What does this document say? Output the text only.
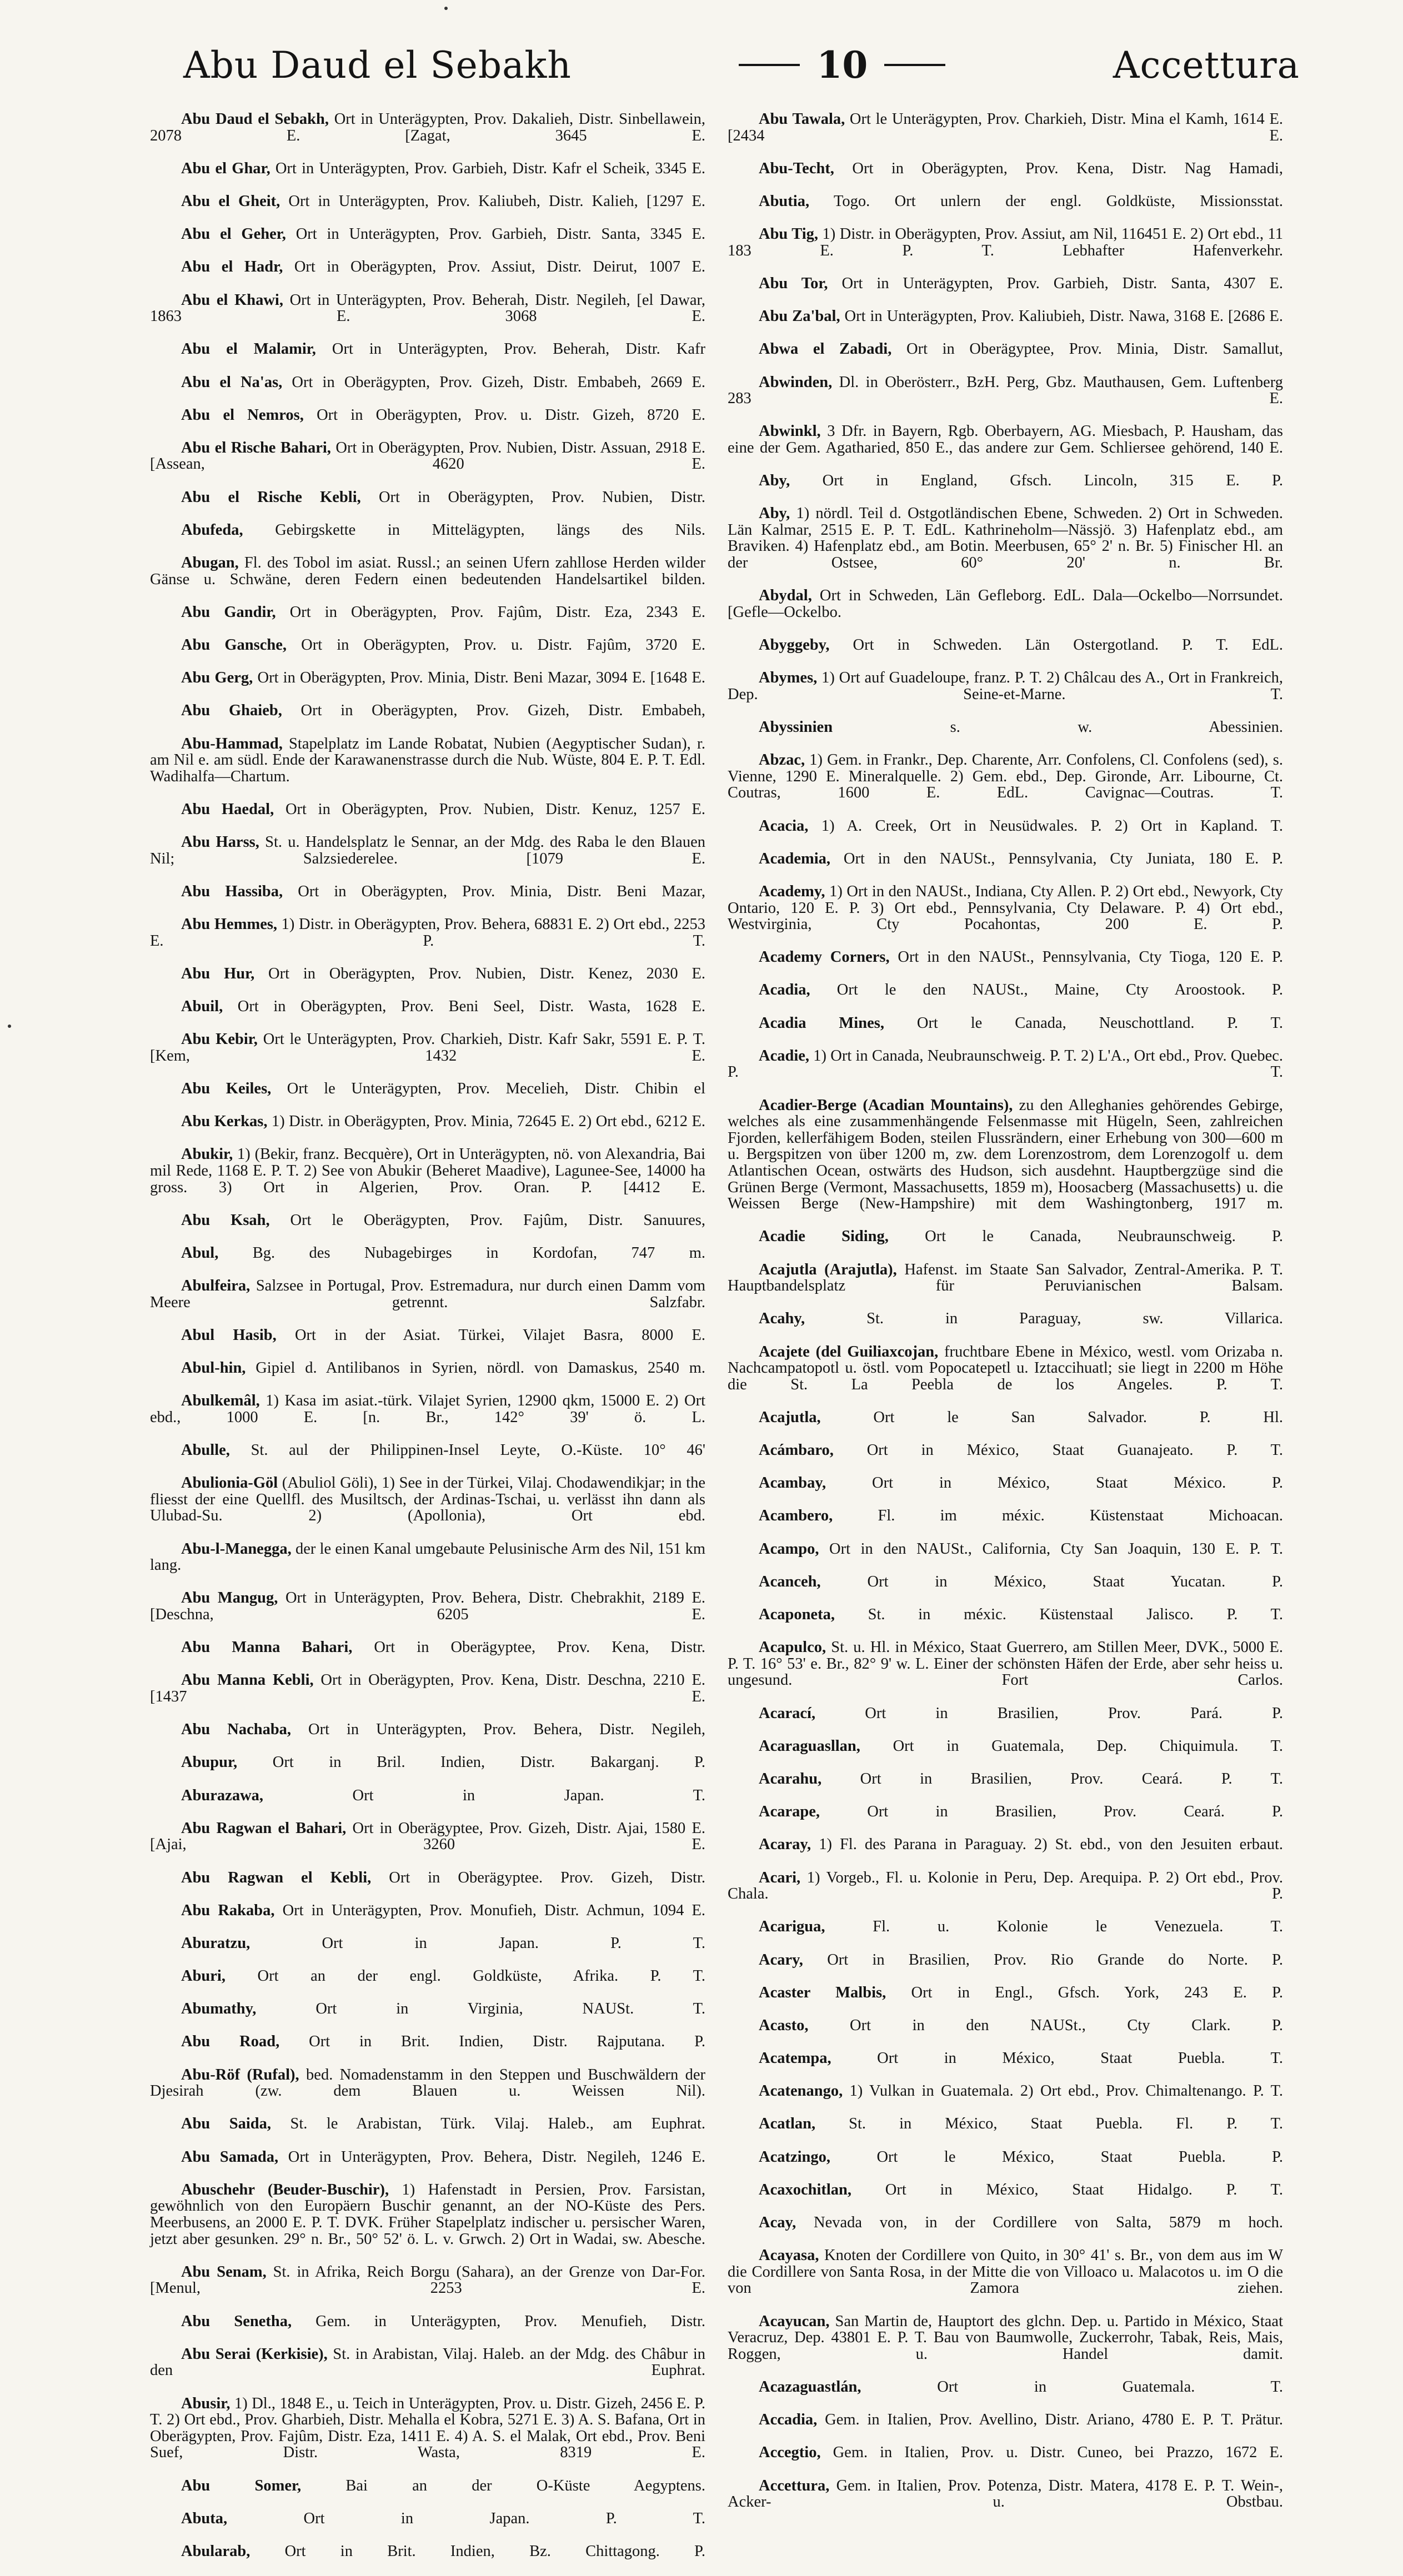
Abu Daud el Sebakh	10	Accettura
Abu Daud el Sebakh, Ort in Unterägypten, Prov. Dakalieh, Distr. Sinbellawein, 2078 E. [Zagat, 3645 E.
Abu el Ghar, Ort in Unterägypten, Prov. Garbieh, Distr. Kafr el Scheik, 3345 E.
Abu el Gheit, Ort in Unterägypten, Prov. Kaliubeh, Distr. Kalieh, [1297 E.
Abu el Geher, Ort in Unterägypten, Prov. Garbieh, Distr. Santa, 3345 E.
Abu el Hadr, Ort in Oberägypten, Prov. Assiut, Distr. Deirut, 1007 E.
Abu el Khawi, Ort in Unterägypten, Prov. Beherah, Distr. Negileh, [el Dawar, 1863 E. 3068 E.
Abu el Malamir, Ort in Unterägypten, Prov. Beherah, Distr. Kafr
Abu el Na'as, Ort in Oberägypten, Prov. Gizeh, Distr. Embabeh, 2669 E.
Abu el Nemros, Ort in Oberägypten, Prov. u. Distr. Gizeh, 8720 E.
Abu el Rische Bahari, Ort in Oberägypten, Prov. Nubien, Distr. Assuan, 2918 E. [Assean, 4620 E.
Abu el Rische Kebli, Ort in Oberägypten, Prov. Nubien, Distr.
Abufeda, Gebirgskette in Mittelägypten, längs des Nils.
Abugan, Fl. des Tobol im asiat. Russl.; an seinen Ufern zahllose Herden wilder Gänse u. Schwäne, deren Federn einen bedeutenden Handelsartikel bilden.
Abu Gandir, Ort in Oberägypten, Prov. Fajûm, Distr. Eza, 2343 E.
Abu Gansche, Ort in Oberägypten, Prov. u. Distr. Fajûm, 3720 E.
Abu Gerg, Ort in Oberägypten, Prov. Minia, Distr. Beni Mazar, 3094 E. [1648 E.
Abu Ghaieb, Ort in Oberägypten, Prov. Gizeh, Distr. Embabeh,
Abu-Hammad, Stapelplatz im Lande Robatat, Nubien (Aegyptischer Sudan), r. am Nil e. am südl. Ende der Karawanenstrasse durch die Nub. Wüste, 804 E. P. T. Edl. Wadihalfa—Chartum.
Abu Haedal, Ort in Oberägypten, Prov. Nubien, Distr. Kenuz, 1257 E.
Abu Harss, St. u. Handelsplatz le Sennar, an der Mdg. des Raba le den Blauen Nil; Salzsiederelee. [1079 E.
Abu Hassiba, Ort in Oberägypten, Prov. Minia, Distr. Beni Mazar,
Abu Hemmes, 1) Distr. in Oberägypten, Prov. Behera, 68831 E. 2) Ort ebd., 2253 E. P. T.
Abu Hur, Ort in Oberägypten, Prov. Nubien, Distr. Kenez, 2030 E.
Abuil, Ort in Oberägypten, Prov. Beni Seel, Distr. Wasta, 1628 E.
Abu Kebir, Ort le Unterägypten, Prov. Charkieh, Distr. Kafr Sakr, 5591 E. P. T. [Kem, 1432 E.
Abu Keiles, Ort le Unterägypten, Prov. Mecelieh, Distr. Chibin el
Abu Kerkas, 1) Distr. in Oberägypten, Prov. Minia, 72645 E. 2) Ort ebd., 6212 E.
Abukir, 1) (Bekir, franz. Becquère), Ort in Unterägypten, nö. von Alexandria, Bai mil Rede, 1168 E. P. T. 2) See von Abukir (Beheret Maadive), Lagunee-See, 14000 ha gross. 3) Ort in Algerien, Prov. Oran. P. [4412 E.
Abu Ksah, Ort le Oberägypten, Prov. Fajûm, Distr. Sanuures,
Abul, Bg. des Nubagebirges in Kordofan, 747 m.
Abulfeira, Salzsee in Portugal, Prov. Estremadura, nur durch einen Damm vom Meere getrennt. Salzfabr.
Abul Hasib, Ort in der Asiat. Türkei, Vilajet Basra, 8000 E.
Abul-hin, Gipiel d. Antilibanos in Syrien, nördl. von Damaskus, 2540 m.
Abulkemâl, 1) Kasa im asiat.-türk. Vilajet Syrien, 12900 qkm, 15000 E. 2) Ort ebd., 1000 E. [n. Br., 142° 39' ö. L.
Abulle, St. aul der Philippinen-Insel Leyte, O.-Küste. 10° 46'
Abulionia-Göl (Abuliol Göli), 1) See in der Türkei, Vilaj. Chodawendikjar; in the fliesst der eine Quellfl. des Musiltsch, der Ardinas-Tschai, u. verlässt ihn dann als Ulubad-Su. 2) (Apollonia), Ort ebd.
Abu-l-Manegga, der le einen Kanal umgebaute Pelusinische Arm des Nil, 151 km lang.
Abu Mangug, Ort in Unterägypten, Prov. Behera, Distr. Chebrakhit, 2189 E. [Deschna, 6205 E.
Abu Manna Bahari, Ort in Oberägyptee, Prov. Kena, Distr.
Abu Manna Kebli, Ort in Oberägypten, Prov. Kena, Distr. Deschna, 2210 E. [1437 E.
Abu Nachaba, Ort in Unterägypten, Prov. Behera, Distr. Negileh,
Abupur, Ort in Bril. Indien, Distr. Bakarganj. P.
Aburazawa, Ort in Japan. T.
Abu Ragwan el Bahari, Ort in Oberägyptee, Prov. Gizeh, Distr. Ajai, 1580 E. [Ajai, 3260 E.
Abu Ragwan el Kebli, Ort in Oberägyptee. Prov. Gizeh, Distr.
Abu Rakaba, Ort in Unterägypten, Prov. Monufieh, Distr. Achmun, 1094 E.
Aburatzu, Ort in Japan. P. T.
Aburi, Ort an der engl. Goldküste, Afrika. P. T.
Abumathy, Ort in Virginia, NAUSt. T.
Abu Road, Ort in Brit. Indien, Distr. Rajputana. P.
Abu-Röf (Rufal), bed. Nomadenstamm in den Steppen und Buschwäldern der Djesirah (zw. dem Blauen u. Weissen Nil).
Abu Saida, St. le Arabistan, Türk. Vilaj. Haleb., am Euphrat.
Abu Samada, Ort in Unterägypten, Prov. Behera, Distr. Negileh, 1246 E.
Abuschehr (Beuder-Buschir), 1) Hafenstadt in Persien, Prov. Farsistan, gewöhnlich von den Europäern Buschir genannt, an der NO-Küste des Pers. Meerbusens, an 2000 E. P. T. DVK. Früher Stapelplatz indischer u. persischer Waren, jetzt aber gesunken. 29° n. Br., 50° 52' ö. L. v. Grwch. 2) Ort in Wadai, sw. Abesche.
Abu Senam, St. in Afrika, Reich Borgu (Sahara), an der Grenze von Dar-For. [Menul, 2253 E.
Abu Senetha, Gem. in Unterägypten, Prov. Menufieh, Distr.
Abu Serai (Kerkisie), St. in Arabistan, Vilaj. Haleb. an der Mdg. des Châbur in den Euphrat.
Abusir, 1) Dl., 1848 E., u. Teich in Unterägypten, Prov. u. Distr. Gizeh, 2456 E. P. T. 2) Ort ebd., Prov. Gharbieh, Distr. Mehalla el Kobra, 5271 E. 3) A. S. Bafana, Ort in Oberägypten, Prov. Fajûm, Distr. Eza, 1411 E. 4) A. S. el Malak, Ort ebd., Prov. Beni Suef, Distr. Wasta, 8319 E.
Abu Somer, Bai an der O-Küste Aegyptens.
Abuta, Ort in Japan. P. T.
Abularab, Ort in Brit. Indien, Bz. Chittagong. P.
Abu Tawala, Ort le Unterägypten, Prov. Charkieh, Distr. Mina el Kamh, 1614 E. [2434 E.
Abu-Techt, Ort in Oberägypten, Prov. Kena, Distr. Nag Hamadi,
Abutia, Togo. Ort unlern der engl. Goldküste, Missionsstat.
Abu Tig, 1) Distr. in Oberägypten, Prov. Assiut, am Nil, 116451 E. 2) Ort ebd., 11 183 E. P. T. Lebhafter Hafenverkehr.
Abu Tor, Ort in Unterägypten, Prov. Garbieh, Distr. Santa, 4307 E.
Abu Za'bal, Ort in Unterägypten, Prov. Kaliubieh, Distr. Nawa, 3168 E. [2686 E.
Abwa el Zabadi, Ort in Oberägyptee, Prov. Minia, Distr. Samallut,
Abwinden, Dl. in Oberösterr., BzH. Perg, Gbz. Mauthausen, Gem. Luftenberg 283 E.
Abwinkl, 3 Dfr. in Bayern, Rgb. Oberbayern, AG. Miesbach, P. Hausham, das eine der Gem. Agatharied, 850 E., das andere zur Gem. Schliersee gehörend, 140 E.
Aby, Ort in England, Gfsch. Lincoln, 315 E. P.
Aby, 1) nördl. Teil d. Ostgotländischen Ebene, Schweden. 2) Ort in Schweden. Län Kalmar, 2515 E. P. T. EdL. Kathrineholm—Nässjö. 3) Hafenplatz ebd., am Braviken. 4) Hafenplatz ebd., am Botin. Meerbusen, 65° 2' n. Br. 5) Finischer Hl. an der Ostsee, 60° 20' n. Br.
Abydal, Ort in Schweden, Län Gefleborg. EdL. Dala—Ockelbo—Norrsundet. [Gefle—Ockelbo.
Abyggeby, Ort in Schweden. Län Ostergotland. P. T. EdL.
Abymes, 1) Ort auf Guadeloupe, franz. P. T. 2) Châlcau des A., Ort in Frankreich, Dep. Seine-et-Marne. T.
Abyssinien s. w. Abessinien.
Abzac, 1) Gem. in Frankr., Dep. Charente, Arr. Confolens, Cl. Confolens (sed), s. Vienne, 1290 E. Mineralquelle. 2) Gem. ebd., Dep. Gironde, Arr. Libourne, Ct. Coutras, 1600 E. EdL. Cavignac—Coutras. T.
Acacia, 1) A. Creek, Ort in Neusüdwales. P. 2) Ort in Kapland. T.
Academia, Ort in den NAUSt., Pennsylvania, Cty Juniata, 180 E. P.
Academy, 1) Ort in den NAUSt., Indiana, Cty Allen. P. 2) Ort ebd., Newyork, Cty Ontario, 120 E. P. 3) Ort ebd., Pennsylvania, Cty Delaware. P. 4) Ort ebd., Westvirginia, Cty Pocahontas, 200 E. P.
Academy Corners, Ort in den NAUSt., Pennsylvania, Cty Tioga, 120 E. P.
Acadia, Ort le den NAUSt., Maine, Cty Aroostook. P.
Acadia Mines, Ort le Canada, Neuschottland. P. T.
Acadie, 1) Ort in Canada, Neubraunschweig. P. T. 2) L'A., Ort ebd., Prov. Quebec. P. T.
Acadier-Berge (Acadian Mountains), zu den Alleghanies gehörendes Gebirge, welches als eine zusammenhängende Felsenmasse mit Hügeln, Seen, zahlreichen Fjorden, kellerfähigem Boden, steilen Flussrändern, einer Erhebung von 300—600 m u. Bergspitzen von über 1200 m, zw. dem Lorenzostrom, dem Lorenzogolf u. dem Atlantischen Ocean, ostwärts des Hudson, sich ausdehnt. Hauptbergzüge sind die Grünen Berge (Vermont, Massachusetts, 1859 m), Hoosacberg (Massachusetts) u. die Weissen Berge (New-Hampshire) mit dem Washingtonberg, 1917 m.
Acadie Siding, Ort le Canada, Neubraunschweig. P.
Acajutla (Arajutla), Hafenst. im Staate San Salvador, Zentral-Amerika. P. T. Hauptbandelsplatz für Peruvianischen Balsam.
Acahy, St. in Paraguay, sw. Villarica.
Acajete (del Guiliaxcojan, fruchtbare Ebene in México, westl. vom Orizaba n. Nachcampatopotl u. östl. vom Popocatepetl u. Iztaccihuatl; sie liegt in 2200 m Höhe die St. La Peebla de los Angeles. P. T.
Acajutla, Ort le San Salvador. P. Hl.
Acámbaro, Ort in México, Staat Guanajeato. P. T.
Acambay, Ort in México, Staat México. P.
Acambero, Fl. im méxic. Küstenstaat Michoacan.
Acampo, Ort in den NAUSt., California, Cty San Joaquin, 130 E. P. T.
Acanceh, Ort in México, Staat Yucatan. P.
Acaponeta, St. in méxic. Küstenstaal Jalisco. P. T.
Acapulco, St. u. Hl. in México, Staat Guerrero, am Stillen Meer, DVK., 5000 E. P. T. 16° 53' e. Br., 82° 9' w. L. Einer der schönsten Häfen der Erde, aber sehr heiss u. ungesund. Fort Carlos.
Acarací, Ort in Brasilien, Prov. Pará. P.
Acaraguasllan, Ort in Guatemala, Dep. Chiquimula. T.
Acarahu, Ort in Brasilien, Prov. Ceará. P. T.
Acarape, Ort in Brasilien, Prov. Ceará. P.
Acaray, 1) Fl. des Parana in Paraguay. 2) St. ebd., von den Jesuiten erbaut.
Acari, 1) Vorgeb., Fl. u. Kolonie in Peru, Dep. Arequipa. P. 2) Ort ebd., Prov. Chala. P.
Acarigua, Fl. u. Kolonie le Venezuela. T.
Acary, Ort in Brasilien, Prov. Rio Grande do Norte. P.
Acaster Malbis, Ort in Engl., Gfsch. York, 243 E. P.
Acasto, Ort in den NAUSt., Cty Clark. P.
Acatempa, Ort in México, Staat Puebla. T.
Acatenango, 1) Vulkan in Guatemala. 2) Ort ebd., Prov. Chimaltenango. P. T.
Acatlan, St. in México, Staat Puebla. Fl. P. T.
Acatzingo, Ort le México, Staat Puebla. P.
Acaxochitlan, Ort in México, Staat Hidalgo. P. T.
Acay, Nevada von, in der Cordillere von Salta, 5879 m hoch.
Acayasa, Knoten der Cordillere von Quito, in 30° 41' s. Br., von dem aus im W die Cordillere von Santa Rosa, in der Mitte die von Villoaco u. Malacotos u. im O die von Zamora ziehen.
Acayucan, San Martin de, Hauptort des glchn. Dep. u. Partido in México, Staat Veracruz, Dep. 43801 E. P. T. Bau von Baumwolle, Zuckerrohr, Tabak, Reis, Mais, Roggen, u. Handel damit.
Acazaguastlán, Ort in Guatemala. T.
Accadia, Gem. in Italien, Prov. Avellino, Distr. Ariano, 4780 E. P. T. Prätur.
Accegtio, Gem. in Italien, Prov. u. Distr. Cuneo, bei Prazzo, 1672 E.
Accettura, Gem. in Italien, Prov. Potenza, Distr. Matera, 4178 E. P. T. Wein-, Acker- u. Obstbau.
